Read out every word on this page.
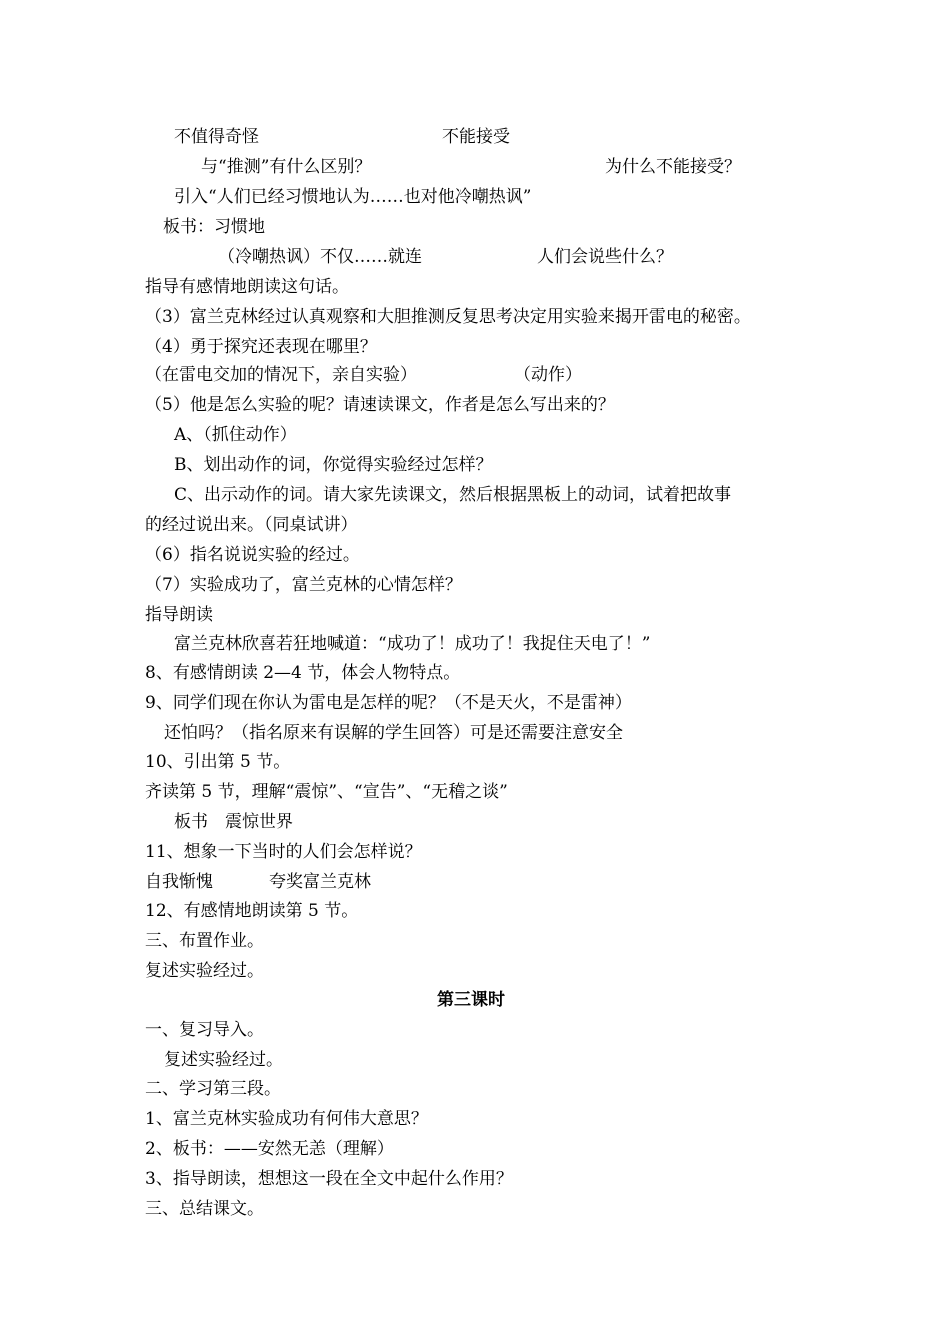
不值得奇怪	不能接受
与“推测”有什么区别？	为什么不能接受？
引入“人们已经习惯地认为……也对他冷嘲热讽”
板书：习惯地
（冷嘲热讽）不仅……就连	人们会说些什么？
指导有感情地朗读这句话。
（3）富兰克林经过认真观察和大胆推测反复思考决定用实验来揭开雷电的秘密。
（4）勇于探究还表现在哪里？
（在雷电交加的情况下，亲自实验）	（动作）
（5）他是怎么实验的呢？请速读课文，作者是怎么写出来的？
A、（抓住动作）
B、划出动作的词，你觉得实验经过怎样？
C、出示动作的词。请大家先读课文，然后根据黑板上的动词，试着把故事
的经过说出来。（同桌试讲）
（6）指名说说实验的经过。
（7）实验成功了，富兰克林的心情怎样？
指导朗读
富兰克林欣喜若狂地喊道：“成功了！成功了！我捉住天电了！”
8、有感情朗读 2—4 节，体会人物特点。
9、同学们现在你认为雷电是怎样的呢？（不是天火，不是雷神）
还怕吗？（指名原来有误解的学生回答）可是还需要注意安全
10、引出第 5 节。
齐读第 5 节，理解“震惊”、“宣告”、“无稽之谈”
板书　震惊世界
11、想象一下当时的人们会怎样说？
自我惭愧	夸奖富兰克林
12、有感情地朗读第 5 节。
三、布置作业。
复述实验经过。
第三课时
一、复习导入。
复述实验经过。
二、学习第三段。
1、富兰克林实验成功有何伟大意思？
2、板书：——安然无恙（理解）
3、指导朗读，想想这一段在全文中起什么作用？
三、总结课文。
